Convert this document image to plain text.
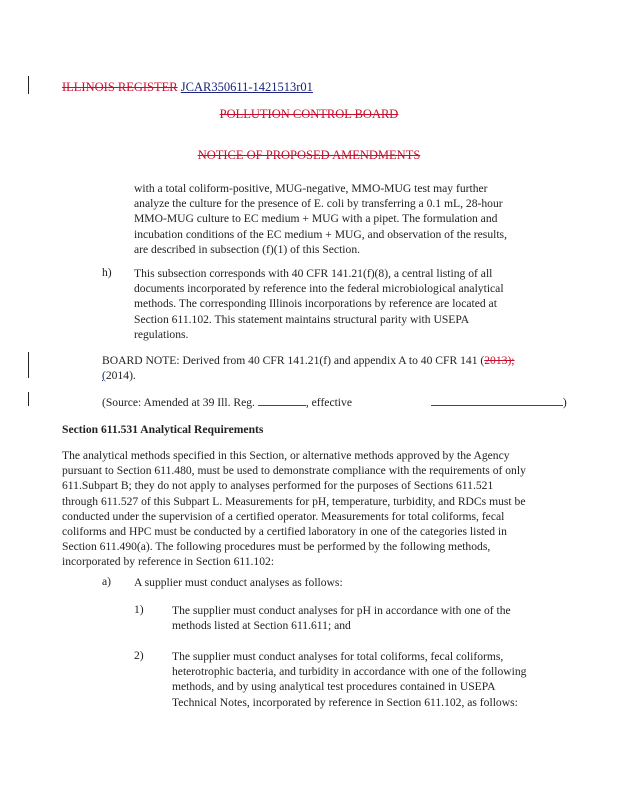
ILLINOIS REGISTER JCAR350611-1421513r01
POLLUTION CONTROL BOARD
NOTICE OF PROPOSED AMENDMENTS

with a total coliform-positive, MUG-negative, MMO-MUG test may further analyze the culture for the presence of E. coli by transferring a 0.1 mL, 28-hour MMO-MUG culture to EC medium + MUG with a pipet. The formulation and incubation conditions of the EC medium + MUG, and observation of the results, are described in subsection (f)(1) of this Section.

h) This subsection corresponds with 40 CFR 141.21(f)(8), a central listing of all documents incorporated by reference into the federal microbiological analytical methods. The corresponding Illinois incorporations by reference are located at Section 611.102. This statement maintains structural parity with USEPA regulations.

BOARD NOTE: Derived from 40 CFR 141.21(f) and appendix A to 40 CFR 141 (2013); (2014).

(Source: Amended at 39 Ill. Reg.	, effective	)
Section 611.531 Analytical Requirements

The analytical methods specified in this Section, or alternative methods approved by the Agency pursuant to Section 611.480, must be used to demonstrate compliance with the requirements of only 611.Subpart B; they do not apply to analyses performed for the purposes of Sections 611.521 through 611.527 of this Subpart L. Measurements for pH, temperature, turbidity, and RDCs must be conducted under the supervision of a certified operator. Measurements for total coliforms, fecal coliforms and HPC must be conducted by a certified laboratory in one of the categories listed in Section 611.490(a). The following procedures must be performed by the following methods, incorporated by reference in Section 611.102:

a) A supplier must conduct analyses as follows:

1) The supplier must conduct analyses for pH in accordance with one of the methods listed at Section 611.611; and

2) The supplier must conduct analyses for total coliforms, fecal coliforms, heterotrophic bacteria, and turbidity in accordance with one of the following methods, and by using analytical test procedures contained in USEPA Technical Notes, incorporated by reference in Section 611.102, as follows:
